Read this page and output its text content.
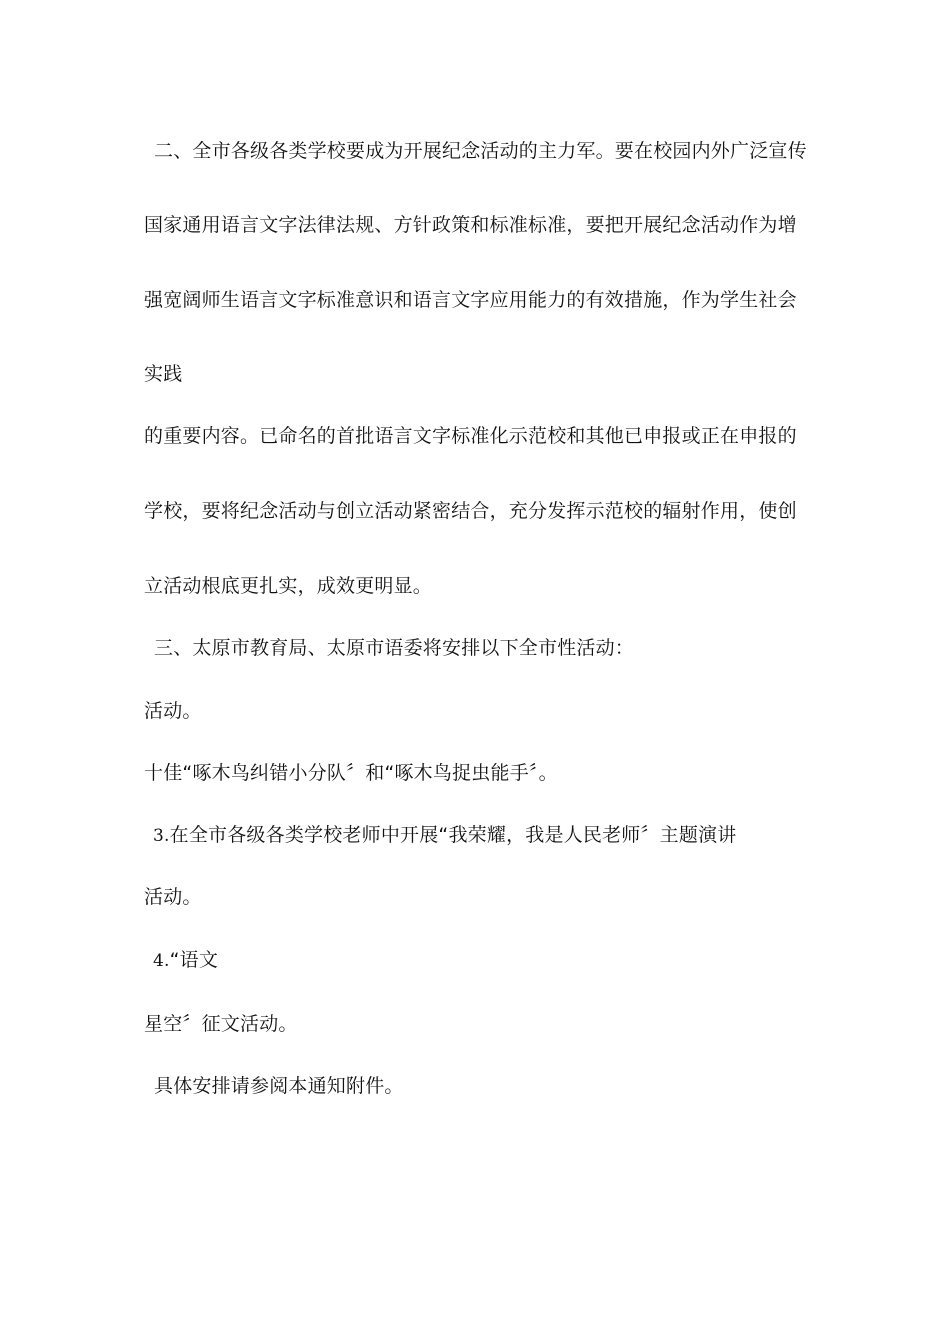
二、全市各级各类学校要成为开展纪念活动的主力军。要在校园内外广泛宣传
国家通用语言文字法律法规、方针政策和标准标准，要把开展纪念活动作为增
强宽阔师生语言文字标准意识和语言文字应用能力的有效措施，作为学生社会
实践
的重要内容。已命名的首批语言文字标准化示范校和其他已申报或正在申报的
学校，要将纪念活动与创立活动紧密结合，充分发挥示范校的辐射作用，使创
立活动根底更扎实，成效更明显。
三、太原市教育局、太原市语委将安排以下全市性活动：
活动。
十佳“啄木鸟纠错小分队〞和“啄木鸟捉虫能手〞。
3.在全市各级各类学校老师中开展“我荣耀，我是人民老师〞主题演讲
活动。
4.“语文
星空〞征文活动。
具体安排请参阅本通知附件。
